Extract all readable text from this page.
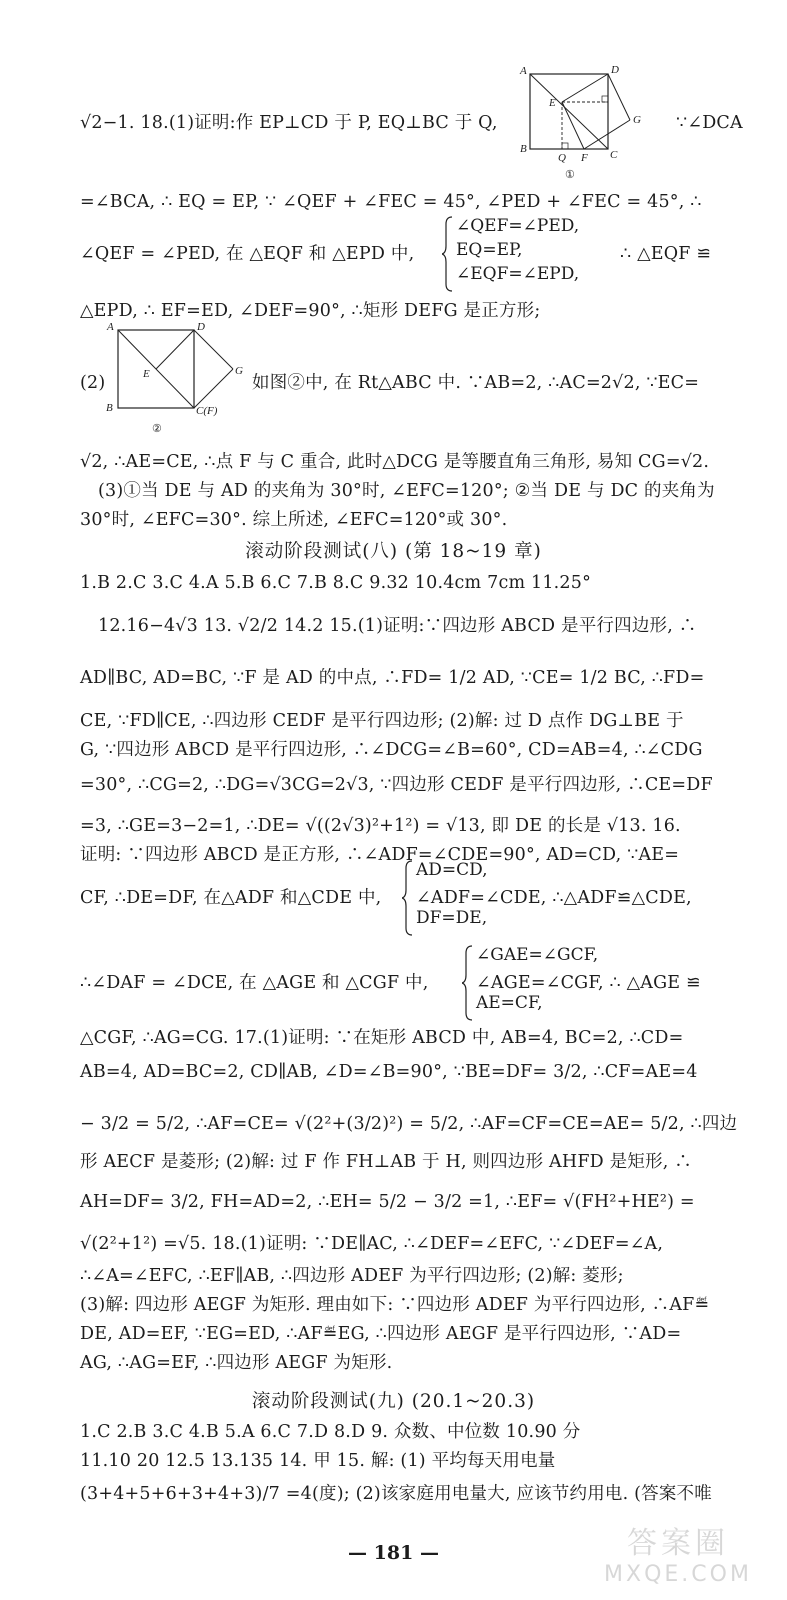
A	D
E
G
B
Q F C
①
A	D
E	G
B	C(F)
②
√2−1. 18.(1)证明:作 EP⊥CD 于 P, EQ⊥BC 于 Q,	∵∠DCA
=∠BCA, ∴ EQ = EP, ∵ ∠QEF + ∠FEC = 45°, ∠PED + ∠FEC = 45°, ∴
∠QEF = ∠PED, 在 △EQF 和 △EPD 中,
∠QEF=∠PED,
EQ=EP,
∠EQF=∠EPD,
∴ △EQF ≌
△EPD, ∴ EF=ED, ∠DEF=90°, ∴矩形 DEFG 是正方形;
(2)	如图②中, 在 Rt△ABC 中. ∵AB=2, ∴AC=2√2, ∵EC=
√2, ∴AE=CE, ∴点 F 与 C 重合, 此时△DCG 是等腰直角三角形, 易知 CG=√2.
(3)①当 DE 与 AD 的夹角为 30°时, ∠EFC=120°; ②当 DE 与 DC 的夹角为
30°时, ∠EFC=30°. 综上所述, ∠EFC=120°或 30°.
滚动阶段测试(八) (第 18~19 章)
1.B 2.C 3.C 4.A 5.B 6.C 7.B 8.C 9.32 10.4cm 7cm 11.25°
12.16−4√3 13. √2/2 14.2 15.(1)证明:∵四边形 ABCD 是平行四边形, ∴
AD∥BC, AD=BC, ∵F 是 AD 的中点, ∴FD= 1/2 AD, ∵CE= 1/2 BC, ∴FD=
CE, ∵FD∥CE, ∴四边形 CEDF 是平行四边形; (2)解: 过 D 点作 DG⊥BE 于
G, ∵四边形 ABCD 是平行四边形, ∴∠DCG=∠B=60°, CD=AB=4, ∴∠CDG
=30°, ∴CG=2, ∴DG=√3CG=2√3, ∵四边形 CEDF 是平行四边形, ∴CE=DF
=3, ∴GE=3−2=1, ∴DE= √((2√3)²+1²) = √13, 即 DE 的长是 √13. 16.
证明: ∵四边形 ABCD 是正方形, ∴∠ADF=∠CDE=90°, AD=CD, ∵AE=
CF, ∴DE=DF, 在△ADF 和△CDE 中,
AD=CD,
DF=DE,
∠ADF=∠CDE, ∴△ADF≌△CDE,
∴∠DAF = ∠DCE, 在 △AGE 和 △CGF 中,
∠GAE=∠GCF,
AE=CF,
∠AGE=∠CGF, ∴ △AGE ≌
△CGF, ∴AG=CG. 17.(1)证明: ∵在矩形 ABCD 中, AB=4, BC=2, ∴CD=
AB=4, AD=BC=2, CD∥AB, ∠D=∠B=90°, ∵BE=DF= 3/2, ∴CF=AE=4
− 3/2 = 5/2, ∴AF=CE= √(2²+(3/2)²) = 5/2, ∴AF=CF=CE=AE= 5/2, ∴四边
形 AECF 是菱形; (2)解: 过 F 作 FH⊥AB 于 H, 则四边形 AHFD 是矩形, ∴
AH=DF= 3/2, FH=AD=2, ∴EH= 5/2 − 3/2 =1, ∴EF= √(FH²+HE²) =
√(2²+1²) =√5. 18.(1)证明: ∵DE∥AC, ∴∠DEF=∠EFC, ∵∠DEF=∠A,
∴∠A=∠EFC, ∴EF∥AB, ∴四边形 ADEF 为平行四边形; (2)解: 菱形;
(3)解: 四边形 AEGF 为矩形. 理由如下: ∵四边形 ADEF 为平行四边形, ∴AF≝
DE, AD=EF, ∵EG=ED, ∴AF≝EG, ∴四边形 AEGF 是平行四边形, ∵AD=
AG, ∴AG=EF, ∴四边形 AEGF 为矩形.
滚动阶段测试(九) (20.1~20.3)
1.C 2.B 3.C 4.B 5.A 6.C 7.D 8.D 9. 众数、中位数 10.90 分
11.10 20 12.5 13.135 14. 甲 15. 解: (1) 平均每天用电量
(3+4+5+6+3+4+3)/7 =4(度); (2)该家庭用电量大, 应该节约用电. (答案不唯
— 181 —	答案圈
MXQE.COM
